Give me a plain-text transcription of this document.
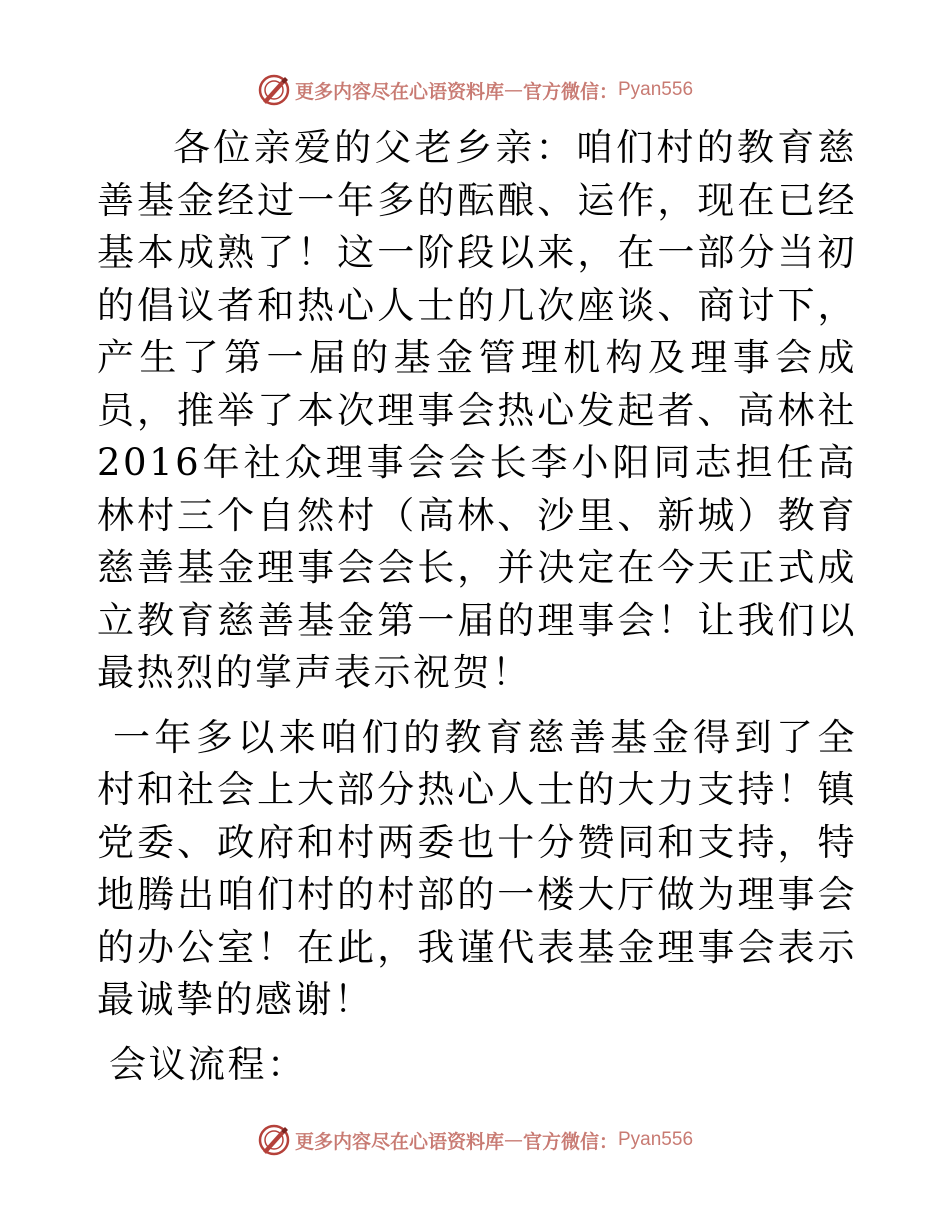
更多内容尽在心语资料库 — 官方微信： Pyan556

各位亲爱的父老乡亲：咱们村的教育慈善基金经过一年多的酝酿、运作，现在已经基本成熟了！这一阶段以来，在一部分当初的倡议者和热心人士的几次座谈、商讨下，产生了第一届的基金管理机构及理事会成员，推举了本次理事会热心发起者、高林社2016年社众理事会会长李小阳同志担任高林村三个自然村（高林、沙里、新城）教育慈善基金理事会会长，并决定在今天正式成立教育慈善基金第一届的理事会！让我们以最热烈的掌声表示祝贺！

一年多以来咱们的教育慈善基金得到了全村和社会上大部分热心人士的大力支持！镇党委、政府和村两委也十分赞同和支持，特地腾出咱们村的村部的一楼大厅做为理事会的办公室！在此，我谨代表基金理事会表示最诚挚的感谢！

会议流程：

更多内容尽在心语资料库 — 官方微信： Pyan556
